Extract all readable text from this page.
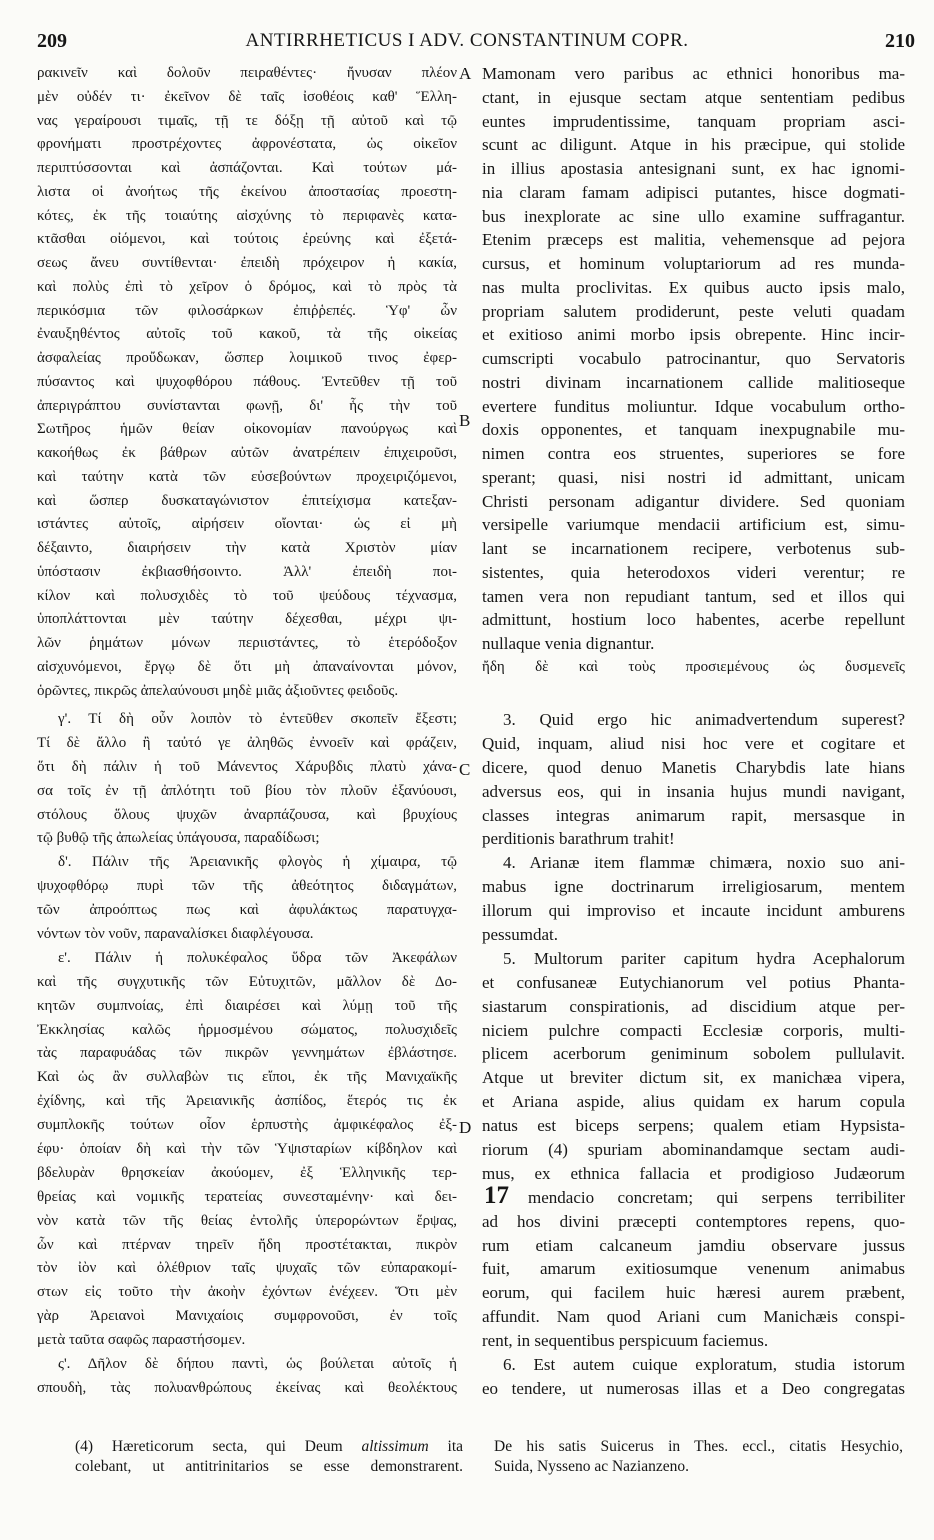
209	ANTIRRHETICUS I ADV. CONSTANTINUM COPR.	210
ρακινεῖν καὶ δολοῦν πειραθέντες· ἤνυσαν πλέον
μὲν οὐδέν τι· ἐκεῖνον δὲ ταῖς ἰσοθέοις καθ' Ἕλλη-
νας γεραίρουσι τιμαῖς, τῇ τε δόξῃ τῇ αὐτοῦ καὶ τῷ
φρονήματι προστρέχοντες ἀφρονέστατα, ὡς οἰκεῖον
περιπτύσσονται καὶ ἀσπάζονται. Καὶ τούτων μά-
λιστα οἱ ἀνοήτως τῆς ἐκείνου ἀποστασίας προεστη-
κότες, ἐκ τῆς τοιαύτης αἰσχύνης τὸ περιφανὲς κατα-
κτᾶσθαι οἰόμενοι, καὶ τούτοις ἐρεύνης καὶ ἐξετά-
σεως ἄνευ συντίθενται· ἐπειδὴ πρόχειρον ἡ κακία,
καὶ πολὺς ἐπὶ τὸ χεῖρον ὁ δρόμος, καὶ τὸ πρὸς τὰ
περικόσμια τῶν φιλοσάρκων ἐπιῤῥεπές. Ὑφ' ὧν
ἐναυξηθέντος αὐτοῖς τοῦ κακοῦ, τὰ τῆς οἰκείας
ἀσφαλείας προὔδωκαν, ὥσπερ λοιμικοῦ τινος ἐφερ-
πύσαντος καὶ ψυχοφθόρου πάθους. Ἐντεῦθεν τῇ τοῦ
ἀπεριγράπτου συνίστανται φωνῇ, δι' ἧς τὴν τοῦ
Σωτῆρος ἡμῶν θείαν οἰκονομίαν πανούργως καὶ
κακοήθως ἐκ βάθρων αὐτῶν ἀνατρέπειν ἐπιχειροῦσι,
καὶ ταύτην κατὰ τῶν εὐσεβούντων προχειριζόμενοι,
καὶ ὥσπερ δυσκαταγώνιστον ἐπιτείχισμα κατεξαν-
ιστάντες αὐτοῖς, αἱρήσειν οἴονται· ὡς εἰ μὴ
δέξαιντο, διαιρήσειν τὴν κατὰ Χριστὸν μίαν
ὑπόστασιν ἐκβιασθήσοιντο. Ἀλλ' ἐπειδὴ ποι-
κίλον καὶ πολυσχιδὲς τὸ τοῦ ψεύδους τέχνασμα,
ὑποπλάττονται μὲν ταύτην δέχεσθαι, μέχρι ψι-
λῶν ῥημάτων μόνων περιιστάντες, τὸ ἑτερόδοξον
αἰσχυνόμενοι, ἔργῳ δὲ ὅτι μὴ ἀπαναίνονται μόνον,
Mamonam vero paribus ac ethnici honoribus ma-
ctant, in ejusque sectam atque sententiam pedibus
euntes imprudentissime, tanquam propriam asci-
scunt ac diligunt. Atque in his præcipue, qui stolide
in illius apostasia antesignani sunt, ex hac ignomi-
nia claram famam adipisci putantes, hisce dogmati-
bus inexplorate ac sine ullo examine suffragantur.
Etenim præceps est malitia, vehemensque ad pejora
cursus, et hominum voluptariorum ad res munda-
nas multa proclivitas. Ex quibus aucto ipsis malo,
propriam salutem prodiderunt, peste veluti quadam
et exitioso animi morbo ipsis obrepente. Hinc incir-
cumscripti vocabulo patrocinantur, quo Servatoris
nostri divinam incarnationem callide malitioseque
evertere funditus moliuntur. Idque vocabulum ortho-
doxis opponentes, et tanquam inexpugnabile mu-
nimen contra eos struentes, superiores se fore
sperant; quasi, nisi nostri id admittant, unicam
Christi personam adigantur dividere. Sed quoniam
versipelle variumque mendacii artificium est, simu-
lant se incarnationem recipere, verbotenus sub-
sistentes, quia heterodoxos videri verentur; re
tamen vera non repudiant tantum, sed et illos qui
admittunt, hostium loco habentes, acerbe repellunt
nullaque venia dignantur.
ἤδη δὲ καὶ τοὺς προσιεμένους ὡς δυσμενεῖς
ὁρῶντες, πικρῶς ἀπελαύνουσι μηδὲ μιᾶς ἀξιοῦντες φειδοῦς.
γ'. Τί δὴ οὖν λοιπὸν τὸ ἐντεῦθεν σκοπεῖν ἔξεστι;
Τί δὲ ἄλλο ἢ ταὐτό γε ἀληθῶς ἐννοεῖν καὶ φράζειν,
ὅτι δὴ πάλιν ἡ τοῦ Μάνεντος Χάρυβδις πλατὺ χάνα-
σα τοῖς ἐν τῇ ἀπλότητι τοῦ βίου τὸν πλοῦν ἐξανύουσι,
στόλους ὅλους ψυχῶν ἀναρπάζουσα, καὶ βρυχίους
τῷ βυθῷ τῆς ἀπωλείας ὑπάγουσα, παραδίδωσι;
δ'. Πάλιν τῆς Ἀρειανικῆς φλογὸς ἡ χίμαιρα, τῷ
ψυχοφθόρῳ πυρὶ τῶν τῆς ἀθεότητος διδαγμάτων,
τῶν ἀπροόπτως πως καὶ ἀφυλάκτως παρατυγχα-
νόντων τὸν νοῦν, παραναλίσκει διαφλέγουσα.
ε'. Πάλιν ἡ πολυκέφαλος ὕδρα τῶν Ἀκεφάλων
καὶ τῆς συγχυτικῆς τῶν Εὐτυχιτῶν, μᾶλλον δὲ Δο-
κητῶν συμπνοίας, ἐπὶ διαιρέσει καὶ λύμῃ τοῦ τῆς
Ἐκκλησίας καλῶς ἡρμοσμένου σώματος, πολυσχιδεῖς
τὰς παραφυάδας τῶν πικρῶν γεννημάτων ἐβλάστησε.
Καὶ ὡς ἂν συλλαβὼν τις εἴποι, ἐκ τῆς Μανιχαϊκῆς
ἐχίδνης, καὶ τῆς Ἀρειανικῆς ἀσπίδος, ἕτερός τις ἐκ
συμπλοκῆς τούτων οἷον ἑρπυστὴς ἀμφικέφαλος ἐξ-
έφυ· ὁποίαν δὴ καὶ τὴν τῶν Ὑψισταρίων κίβδηλον καὶ
βδελυρὰν θρησκείαν ἀκούομεν, ἐξ Ἑλληνικῆς τερ-
θρείας καὶ νομικῆς τερατείας συνεσταμένην· καὶ δει-
νὸν κατὰ τῶν τῆς θείας ἐντολῆς ὑπερορώντων ἕρψας,
ὧν καὶ πτέρναν τηρεῖν ἤδη προστέτακται, πικρὸν
τὸν ἰὸν καὶ ὀλέθριον ταῖς ψυχαῖς τῶν εὐπαρακομί-
στων εἰς τοῦτο τὴν ἀκοὴν ἐχόντων ἐνέχεεν. Ὅτι μὲν
γὰρ Ἀρειανοὶ Μανιχαίοις συμφρονοῦσι, ἐν τοῖς
μετὰ ταῦτα σαφῶς παραστήσομεν.
ς'. Δῆλον δὲ δήπου παντὶ, ὡς βούλεται αὐτοῖς ἡ
σπουδὴ, τὰς πολυανθρώπους ἐκείνας καὶ θεολέκτους
3. Quid ergo hic animadvertendum superest?
Quid, inquam, aliud nisi hoc vere et cogitare et
dicere, quod denuo Manetis Charybdis late hians
adversus eos, qui in insania hujus mundi navigant,
classes integras animarum rapit, mersasque in
perditionis barathrum trahit!
4. Arianæ item flammæ chimæra, noxio suo ani-
mabus igne doctrinarum irreligiosarum, mentem
illorum qui improviso et incaute incidunt amburens
pessumdat.
5. Multorum pariter capitum hydra Acephalorum
et confusaneæ Eutychianorum vel potius Phanta-
siastarum conspirationis, ad discidium atque per-
niciem pulchre compacti Ecclesiæ corporis, multi-
plicem acerborum geniminum sobolem pullulavit.
Atque ut breviter dictum sit, ex manichæa vipera,
et Ariana aspide, alius quidam ex harum copula
natus est biceps serpens; qualem etiam Hypsista-
riorum (4) spuriam abominandamque sectam audi-
mus, ex ethnica fallacia et prodigioso Judæorum
mendacio concretam; qui serpens terribiliter
ad hos divini præcepti contemptores repens, quo-
rum etiam calcaneum jamdiu observare jussus
fuit, amarum exitiosumque venenum animabus
eorum, qui facilem huic hæresi aurem præbent,
affundit. Nam quod Ariani cum Manichæis conspi-
rent, in sequentibus perspicuum faciemus.
6. Est autem cuique exploratum, studia istorum
eo tendere, ut numerosas illas et a Deo congregatas
A
B
C
D
17
(4) Hæreticorum secta, qui Deum altissimum ita
colebant, ut antitrinitarios se esse demonstrarent.
De his satis Suicerus in Thes. eccl., citatis Hesychio,
Suida, Nysseno ac Nazianzeno.
